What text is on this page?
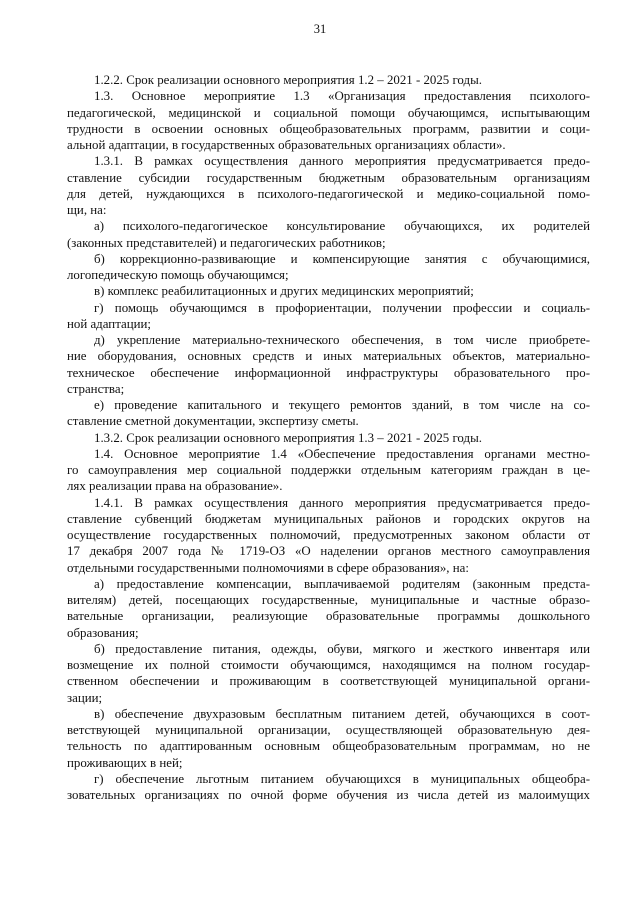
31
1.2.2. Срок реализации основного мероприятия 1.2 – 2021 - 2025 годы.
1.3. Основное мероприятие 1.3 «Организация предоставления психолого-
педагогической, медицинской и социальной помощи обучающимся, испытывающим
трудности в освоении основных общеобразовательных программ, развитии и соци-
альной адаптации, в государственных образовательных организациях области».
1.3.1. В рамках осуществления данного мероприятия предусматривается предо-
ставление субсидии государственным бюджетным образовательным организациям
для детей, нуждающихся в психолого-педагогической и медико-социальной помо-
щи, на:
а) психолого-педагогическое консультирование обучающихся, их родителей
(законных представителей) и педагогических работников;
б) коррекционно-развивающие и компенсирующие занятия с обучающимися,
логопедическую помощь обучающимся;
в) комплекс реабилитационных и других медицинских мероприятий;
г) помощь обучающимся в профориентации, получении профессии и социаль-
ной адаптации;
д) укрепление материально-технического обеспечения, в том числе приобрете-
ние оборудования, основных средств и иных материальных объектов, материально-
техническое обеспечение информационной инфраструктуры образовательного про-
странства;
е) проведение капитального и текущего ремонтов зданий, в том числе на со-
ставление сметной документации, экспертизу сметы.
1.3.2. Срок реализации основного мероприятия 1.3 – 2021 - 2025 годы.
1.4. Основное мероприятие 1.4 «Обеспечение предоставления органами местно-
го самоуправления мер социальной поддержки отдельным категориям граждан в це-
лях реализации права на образование».
1.4.1. В рамках осуществления данного мероприятия предусматривается предо-
ставление субвенций бюджетам муниципальных районов и городских округов на
осуществление государственных полномочий, предусмотренных законом области от
17 декабря 2007 года № 1719-ОЗ «О наделении органов местного самоуправления
отдельными государственными полномочиями в сфере образования», на:
а) предоставление компенсации, выплачиваемой родителям (законным предста-
вителям) детей, посещающих государственные, муниципальные и частные образо-
вательные организации, реализующие образовательные программы дошкольного
образования;
б) предоставление питания, одежды, обуви, мягкого и жесткого инвентаря или
возмещение их полной стоимости обучающимся, находящимся на полном государ-
ственном обеспечении и проживающим в соответствующей муниципальной органи-
зации;
в) обеспечение двухразовым бесплатным питанием детей, обучающихся в соот-
ветствующей муниципальной организации, осуществляющей образовательную дея-
тельность по адаптированным основным общеобразовательным программам, но не
проживающих в ней;
г) обеспечение льготным питанием обучающихся в муниципальных общеобра-
зовательных организациях по очной форме обучения из числа детей из малоимущих
